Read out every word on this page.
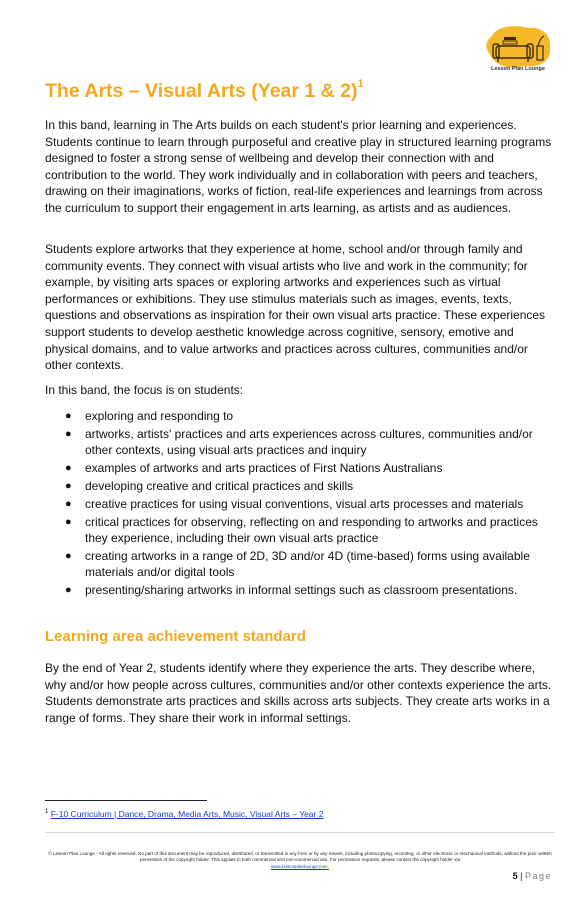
Lesson Plan Lounge
The Arts – Visual Arts (Year 1 & 2)$^1$

In this band, learning in The Arts builds on each student's prior learning and experiences. Students continue to learn through purposeful and creative play in structured learning programs designed to foster a strong sense of wellbeing and develop their connection with and contribution to the world. They work individually and in collaboration with peers and teachers, drawing on their imaginations, works of fiction, real-life experiences and learnings from across the curriculum to support their engagement in arts learning, as artists and as audiences.

Students explore artworks that they experience at home, school and/or through family and community events. They connect with visual artists who live and work in the community; for example, by visiting arts spaces or exploring artworks and experiences such as virtual performances or exhibitions. They use stimulus materials such as images, events, texts, questions and observations as inspiration for their own visual arts practice. These experiences support students to develop aesthetic knowledge across cognitive, sensory, emotive and physical domains, and to value artworks and practices across cultures, communities and/or other contexts.

In this band, the focus is on students:

● exploring and responding to
● artworks, artists' practices and arts experiences across cultures, communities and/or other contexts, using visual arts practices and inquiry
● examples of artworks and arts practices of First Nations Australians
● developing creative and critical practices and skills
● creative practices for using visual conventions, visual arts processes and materials
● critical practices for observing, reflecting on and responding to artworks and practices they experience, including their own visual arts practice
● creating artworks in a range of 2D, 3D and/or 4D (time-based) forms using available materials and/or digital tools
● presenting/sharing artworks in informal settings such as classroom presentations.
Learning area achievement standard

By the end of Year 2, students identify where they experience the arts. They describe where, why and/or how people across cultures, communities and/or other contexts experience the arts. Students demonstrate arts practices and skills across arts subjects. They create arts works in a range of forms. They share their work in informal settings.

$^1$ F-10 Curriculum | Dance, Drama, Media Arts, Music, Visual Arts – Year 2
© Lesson Plan Lounge - All rights reserved. No part of this document may be reproduced, distributed, or transmitted in any form or by any means, including photocopying, recording, or other electronic or mechanical methods, without the prior written permission of the copyright holder. This applies to both commercial and non-commercial use. For permission requests, please contact the copyright holder via
www.lessonplanlounge.com.
5 | Page
